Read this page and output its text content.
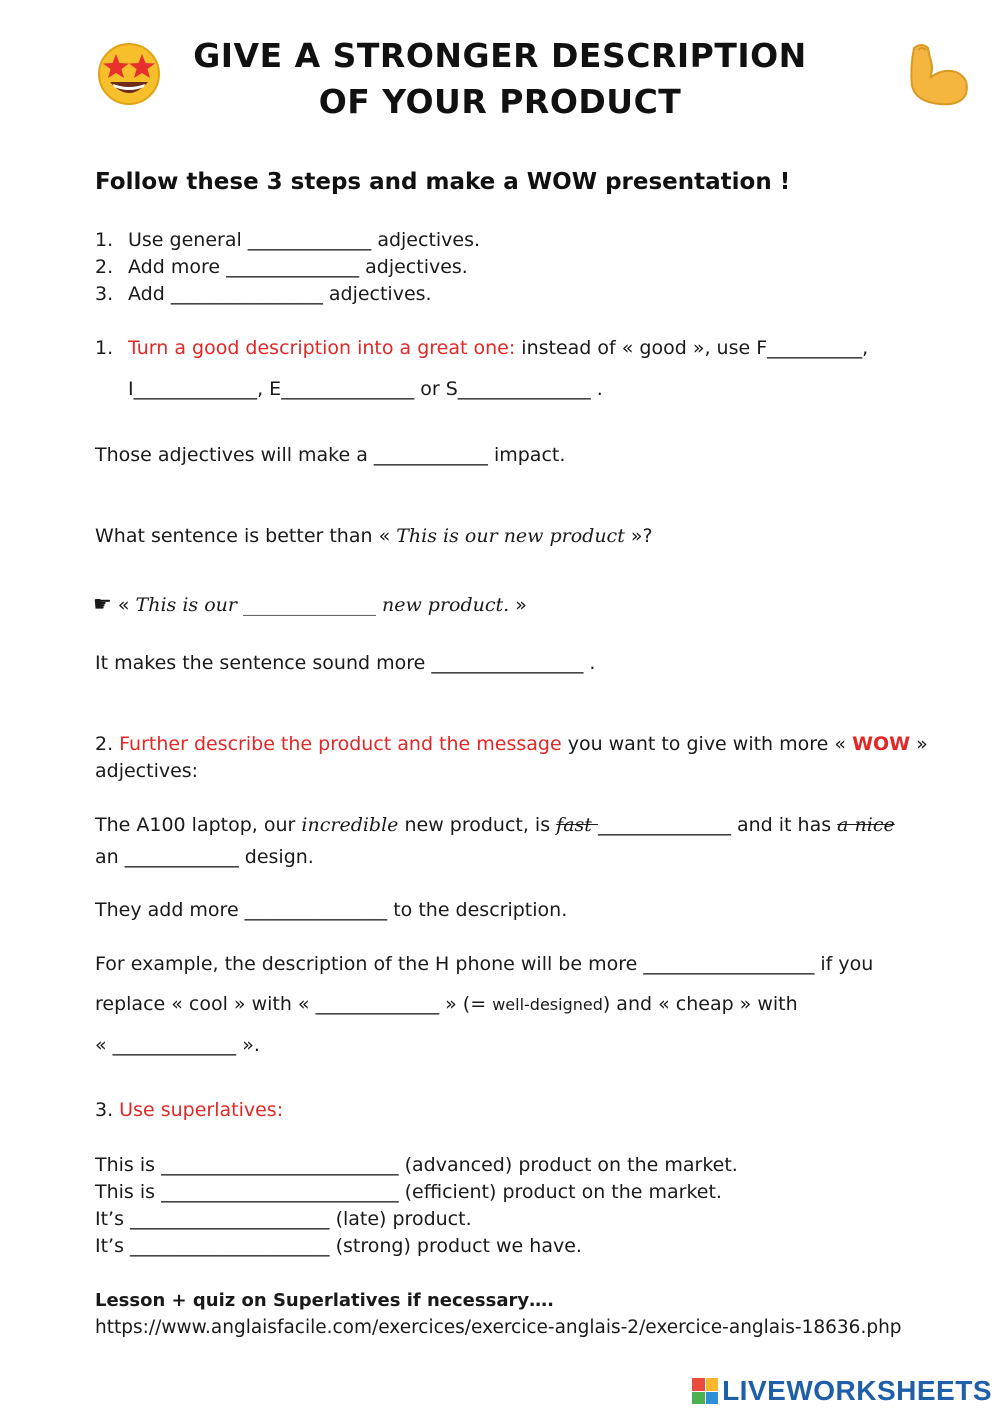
GIVE A STRONGER DESCRIPTION
OF YOUR PRODUCT
Follow these 3 steps and make a WOW presentation !
1. Use general _____________ adjectives.
2. Add more ______________ adjectives.
3. Add ________________ adjectives.
1. Turn a good description into a great one: instead of « good », use F__________,
I_____________, E______________ or S______________ .
Those adjectives will make a ____________ impact.
What sentence is better than « This is our new product »?
☛ « This is our ______________ new product. »
It makes the sentence sound more ________________ .
2. Further describe the product and the message you want to give with more « WOW »
adjectives:
The A100 laptop, our incredible new product, is fast ______________ and it has a nice
an ____________ design.
They add more _______________ to the description.
For example, the description of the H phone will be more __________________ if you
replace « cool » with « _____________ » (= well-designed) and « cheap » with
« _____________ ».
3. Use superlatives:
This is _________________________ (advanced) product on the market.
This is _________________________ (efficient) product on the market.
It’s _____________________ (late) product.
It’s _____________________ (strong) product we have.
Lesson + quiz on Superlatives if necessary….
https://www.anglaisfacile.com/exercices/exercice-anglais-2/exercice-anglais-18636.php
LIVEWORKSHEETS
